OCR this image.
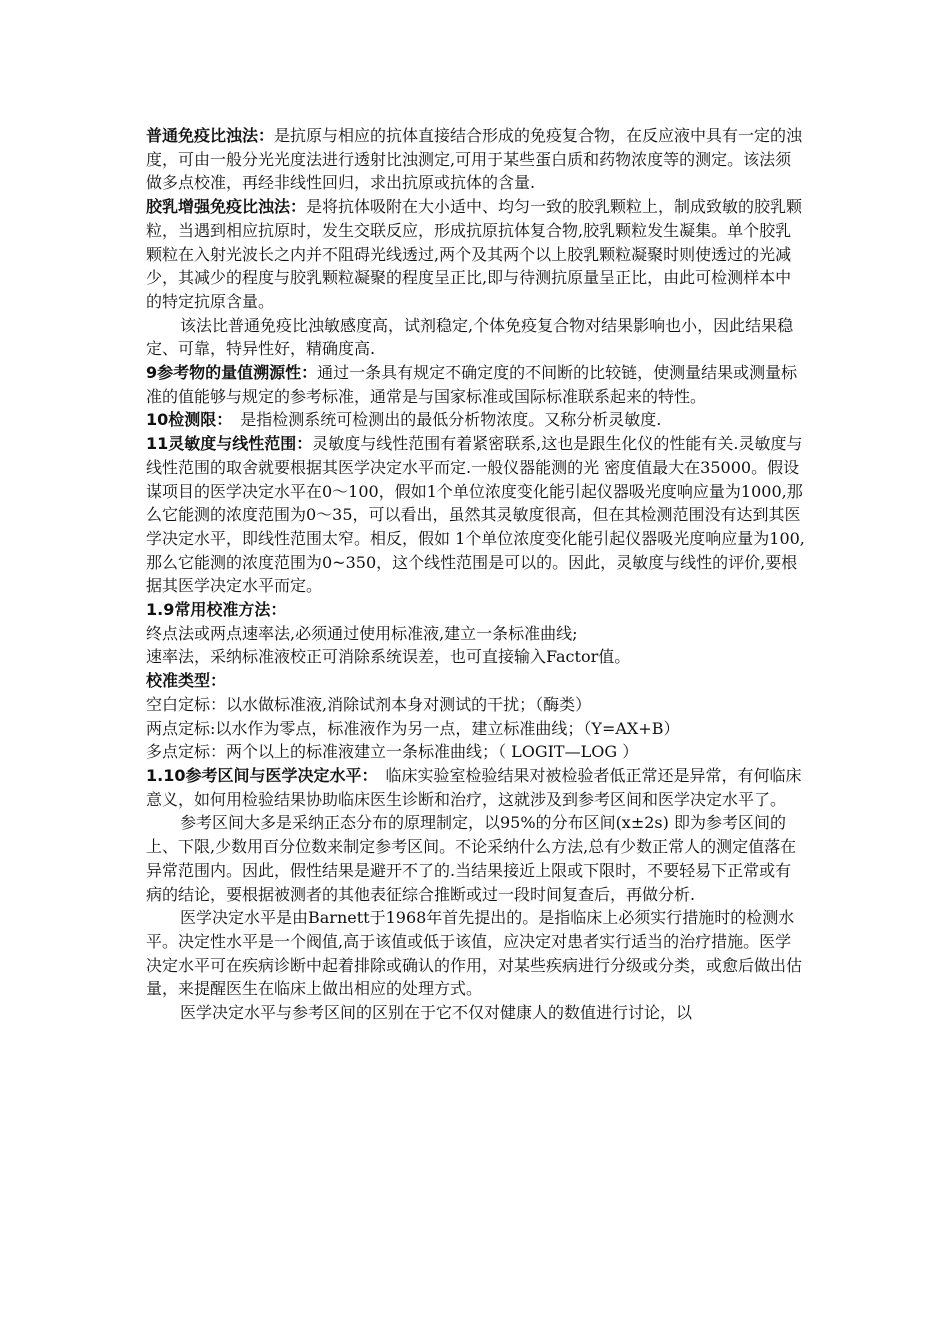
普通免疫比浊法：是抗原与相应的抗体直接结合形成的免疫复合物，在反应液中具有一定的浊度，可由一般分光光度法进行透射比浊测定,可用于某些蛋白质和药物浓度等的测定。该法须做多点校准，再经非线性回归，求出抗原或抗体的含量.

胶乳增强免疫比浊法：是将抗体吸附在大小适中、均匀一致的胶乳颗粒上，制成致敏的胶乳颗粒，当遇到相应抗原时，发生交联反应，形成抗原抗体复合物,胶乳颗粒发生凝集。单个胶乳颗粒在入射光波长之内并不阻碍光线透过,两个及其两个以上胶乳颗粒凝聚时则使透过的光减少，其减少的程度与胶乳颗粒凝聚的程度呈正比,即与待测抗原量呈正比，由此可检测样本中的特定抗原含量。

该法比普通免疫比浊敏感度高，试剂稳定,个体免疫复合物对结果影响也小，因此结果稳定、可靠，特异性好，精确度高.

9参考物的量值溯源性：通过一条具有规定不确定度的不间断的比较链，使测量结果或测量标准的值能够与规定的参考标准，通常是与国家标准或国际标准联系起来的特性。

10检测限：　是指检测系统可检测出的最低分析物浓度。又称分析灵敏度.

11灵敏度与线性范围：灵敏度与线性范围有着紧密联系,这也是跟生化仪的性能有关.灵敏度与线性范围的取舍就要根据其医学决定水平而定.一般仪器能测的光 密度值最大在35000。假设谋项目的医学决定水平在0～100，假如1个单位浓度变化能引起仪器吸光度响应量为1000,那么它能测的浓度范围为0～35，可以看出，虽然其灵敏度很高，但在其检测范围没有达到其医学决定水平，即线性范围太窄。相反，假如 1个单位浓度变化能引起仪器吸光度响应量为100,那么它能测的浓度范围为0~350，这个线性范围是可以的。因此，灵敏度与线性的评价,要根据其医学决定水平而定。

1.9常用校准方法：

终点法或两点速率法,必须通过使用标准液,建立一条标准曲线;

速率法，采纳标准液校正可消除系统误差，也可直接输入Factor值。

校准类型：

空白定标：以水做标准液,消除试剂本身对测试的干扰；（酶类）

两点定标:以水作为零点，标准液作为另一点，建立标准曲线；（Y=AX+B）

多点定标：两个以上的标准液建立一条标准曲线；（ LOGIT—LOG ）

1.10参考区间与医学决定水平：　临床实验室检验结果对被检验者低正常还是异常，有何临床意义，如何用检验结果协助临床医生诊断和治疗，这就涉及到参考区间和医学决定水平了。

参考区间大多是采纳正态分布的原理制定，以95%的分布区间(x±2s) 即为参考区间的上、下限,少数用百分位数来制定参考区间。不论采纳什么方法,总有少数正常人的测定值落在异常范围内。因此，假性结果是避开不了的.当结果接近上限或下限时，不要轻易下正常或有病的结论，要根据被测者的其他表征综合推断或过一段时间复查后，再做分析.

医学决定水平是由Barnett于1968年首先提出的。是指临床上必须实行措施时的检测水平。决定性水平是一个阀值,高于该值或低于该值，应决定对患者实行适当的治疗措施。医学决定水平可在疾病诊断中起着排除或确认的作用，对某些疾病进行分级或分类，或愈后做出估量，来提醒医生在临床上做出相应的处理方式。

医学决定水平与参考区间的区别在于它不仅对健康人的数值进行讨论，以
